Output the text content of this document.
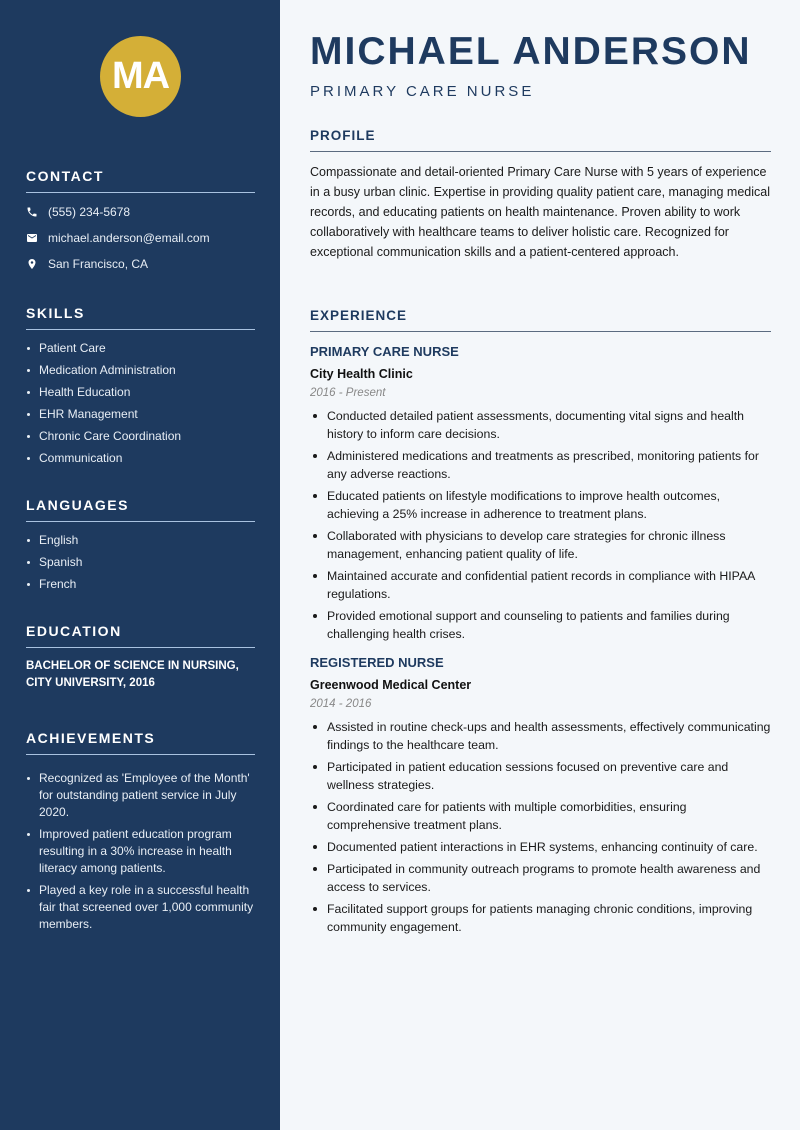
MA
CONTACT
(555) 234-5678
michael.anderson@email.com
San Francisco, CA
SKILLS
Patient Care
Medication Administration
Health Education
EHR Management
Chronic Care Coordination
Communication
LANGUAGES
English
Spanish
French
EDUCATION
BACHELOR OF SCIENCE IN NURSING,
CITY UNIVERSITY, 2016
ACHIEVEMENTS
Recognized as 'Employee of the Month' for outstanding patient service in July 2020.
Improved patient education program resulting in a 30% increase in health literacy among patients.
Played a key role in a successful health fair that screened over 1,000 community members.
MICHAEL ANDERSON
PRIMARY CARE NURSE
PROFILE

Compassionate and detail-oriented Primary Care Nurse with 5 years of experience in a busy urban clinic. Expertise in providing quality patient care, managing medical records, and educating patients on health maintenance. Proven ability to work collaboratively with healthcare teams to deliver holistic care. Recognized for exceptional communication skills and a patient-centered approach.

EXPERIENCE
PRIMARY CARE NURSE
City Health Clinic
2016 - Present
Conducted detailed patient assessments, documenting vital signs and health history to inform care decisions.
Administered medications and treatments as prescribed, monitoring patients for any adverse reactions.
Educated patients on lifestyle modifications to improve health outcomes, achieving a 25% increase in adherence to treatment plans.
Collaborated with physicians to develop care strategies for chronic illness management, enhancing patient quality of life.
Maintained accurate and confidential patient records in compliance with HIPAA regulations.
Provided emotional support and counseling to patients and families during challenging health crises.
REGISTERED NURSE
Greenwood Medical Center
2014 - 2016
Assisted in routine check-ups and health assessments, effectively communicating findings to the healthcare team.
Participated in patient education sessions focused on preventive care and wellness strategies.
Coordinated care for patients with multiple comorbidities, ensuring comprehensive treatment plans.
Documented patient interactions in EHR systems, enhancing continuity of care.
Participated in community outreach programs to promote health awareness and access to services.
Facilitated support groups for patients managing chronic conditions, improving community engagement.
